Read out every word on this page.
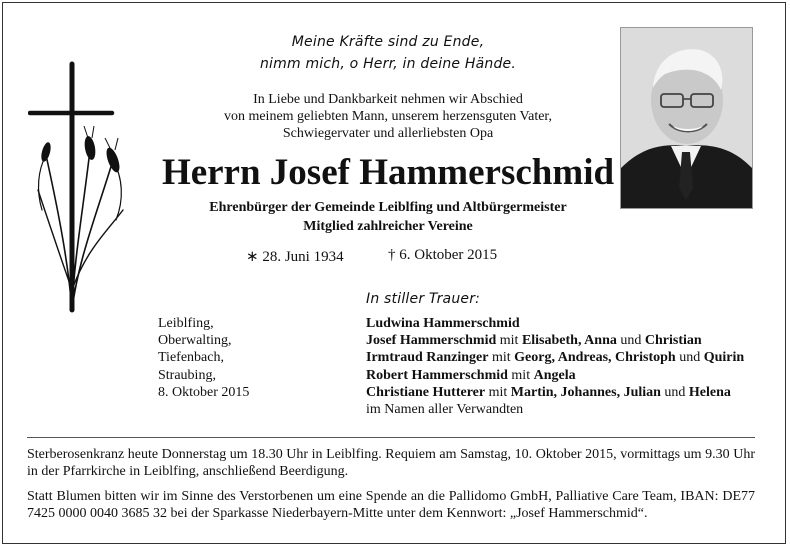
Meine Kräfte sind zu Ende,
nimm mich, o Herr, in deine Hände.
In Liebe und Dankbarkeit nehmen wir Abschied
von meinem geliebten Mann, unserem herzensguten Vater,
Schwiegervater und allerliebsten Opa
Herrn Josef Hammerschmid
Ehrenbürger der Gemeinde Leiblfing und Altbürgermeister
Mitglied zahlreicher Vereine
∗ 28. Juni 1934	† 6. Oktober 2015
In stiller Trauer:
Leiblfing,
Oberwalting,
Tiefenbach,
Straubing,
8. Oktober 2015
Ludwina Hammerschmid
Josef Hammerschmid mit Elisabeth, Anna und Christian
Irmtraud Ranzinger mit Georg, Andreas, Christoph und Quirin
Robert Hammerschmid mit Angela
Christiane Hutterer mit Martin, Johannes, Julian und Helena
im Namen aller Verwandten
Sterberosenkranz heute Donnerstag um 18.30 Uhr in Leiblfing. Requiem am Samstag, 10. Oktober 2015, vormittags um 9.30 Uhr in der Pfarrkirche in Leiblfing, anschließend Beerdigung.
Statt Blumen bitten wir im Sinne des Verstorbenen um eine Spende an die Pallidomo GmbH, Palliative Care Team, IBAN: DE77 7425 0000 0040 3685 32 bei der Sparkasse Niederbayern-Mitte unter dem Kennwort: „Josef Hammerschmid“.
